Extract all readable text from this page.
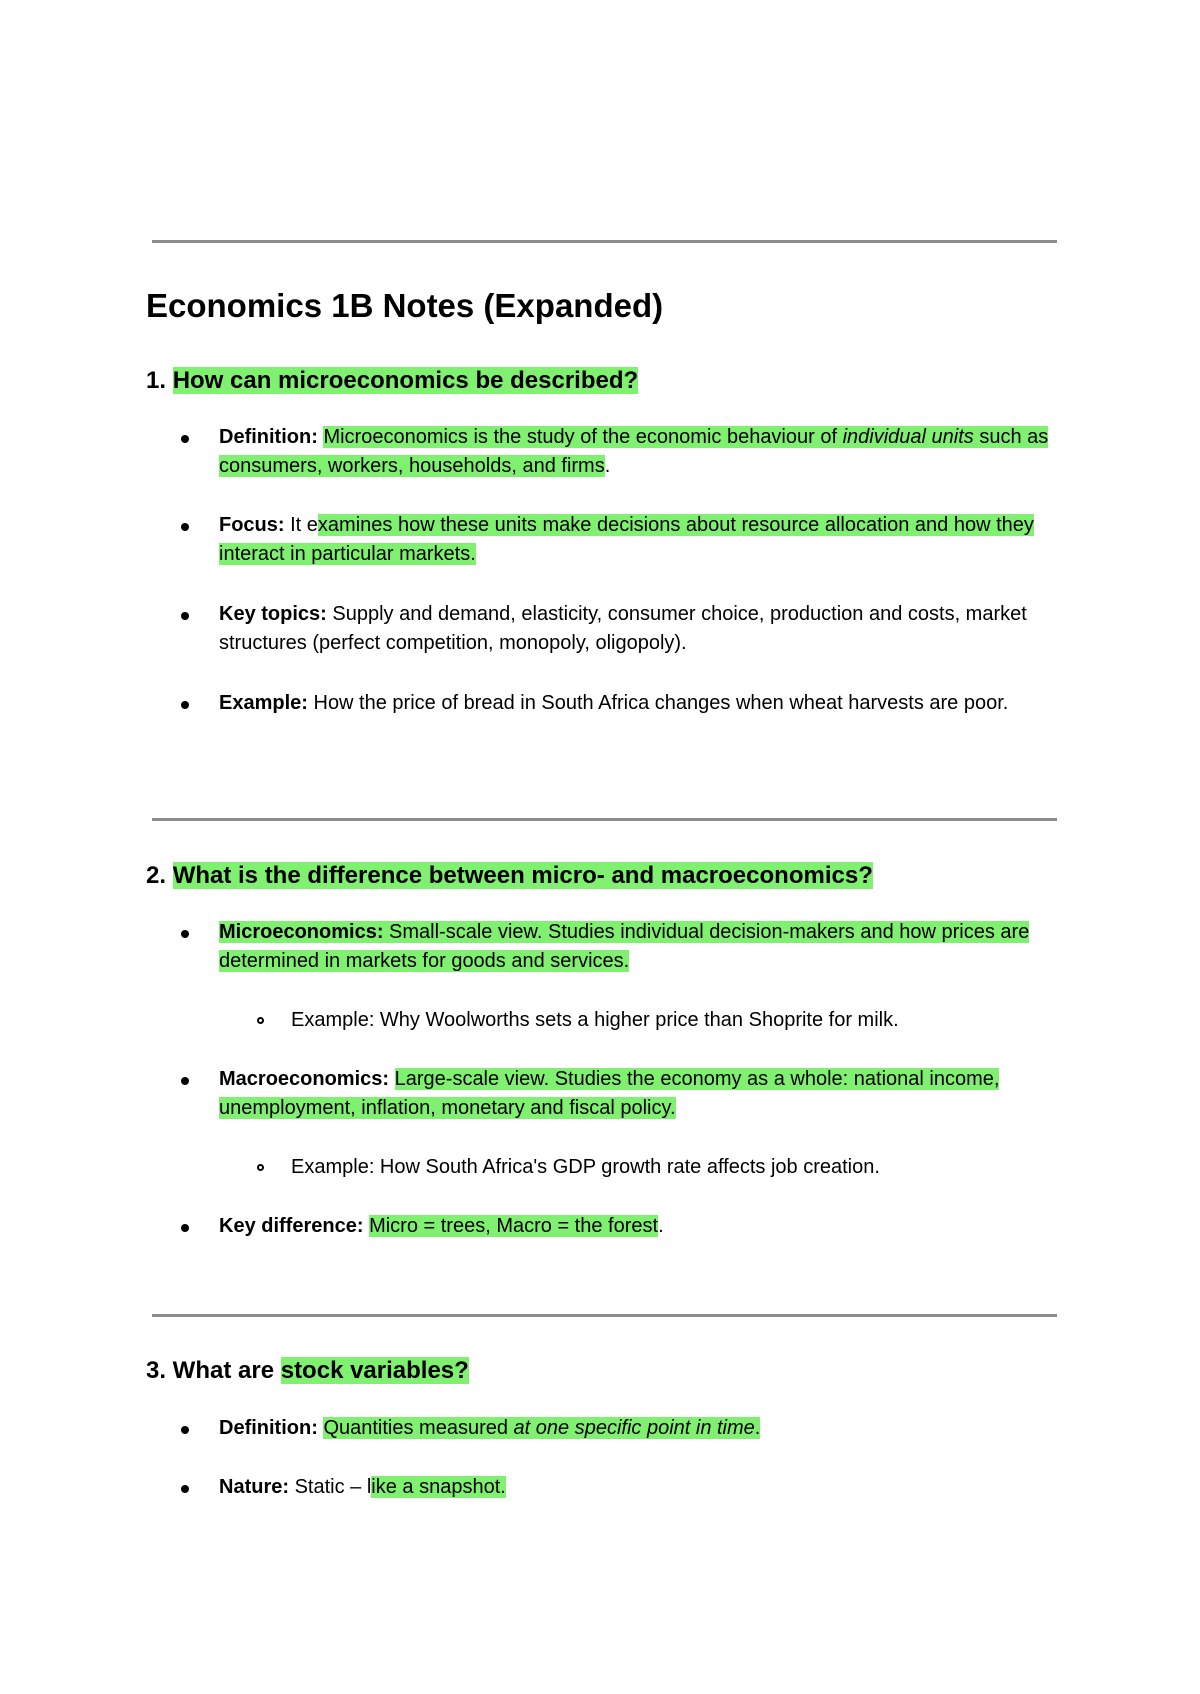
Economics 1B Notes (Expanded)
1. How can microeconomics be described?

Definition: Microeconomics is the study of the economic behaviour of individual units such as consumers, workers, households, and firms.

Focus: It examines how these units make decisions about resource allocation and how they interact in particular markets.

Key topics: Supply and demand, elasticity, consumer choice, production and costs, market structures (perfect competition, monopoly, oligopoly).

Example: How the price of bread in South Africa changes when wheat harvests are poor.

2. What is the difference between micro- and macroeconomics?

Microeconomics: Small-scale view. Studies individual decision-makers and how prices are determined in markets for goods and services.

Example: Why Woolworths sets a higher price than Shoprite for milk.

Macroeconomics: Large-scale view. Studies the economy as a whole: national income, unemployment, inflation, monetary and fiscal policy.

Example: How South Africa's GDP growth rate affects job creation.

Key difference: Micro = trees, Macro = the forest.

3. What are stock variables?

Definition: Quantities measured at one specific point in time.

Nature: Static – like a snapshot.
